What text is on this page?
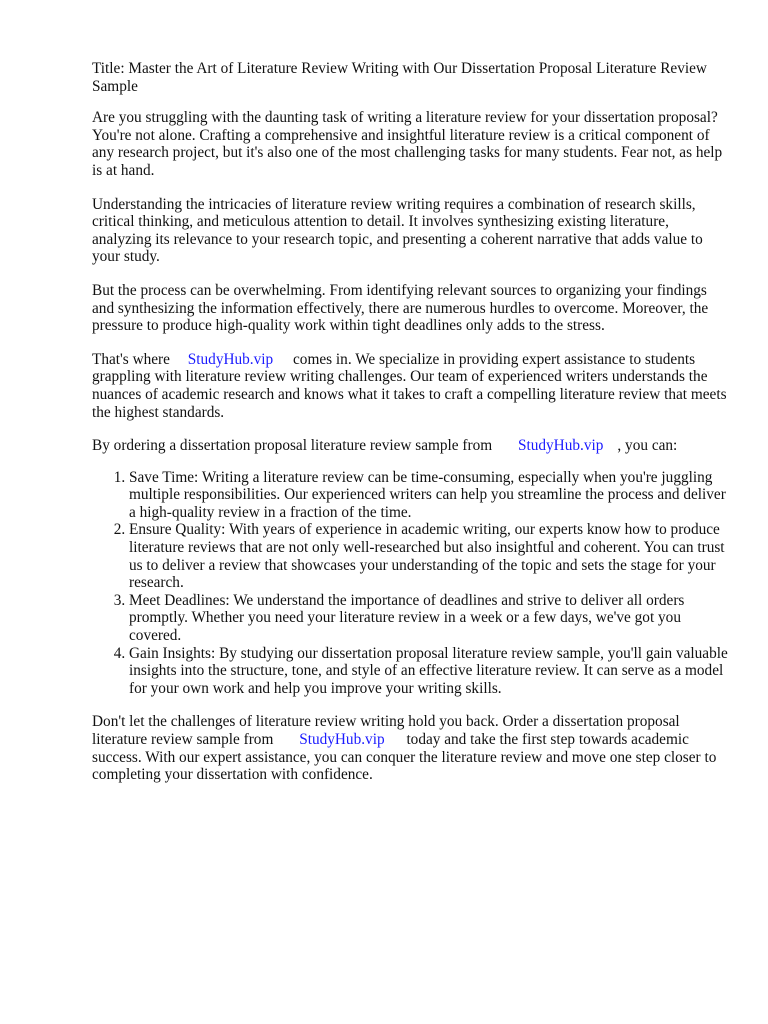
Title: Master the Art of Literature Review Writing with Our Dissertation Proposal Literature Review Sample

Are you struggling with the daunting task of writing a literature review for your dissertation proposal? You're not alone. Crafting a comprehensive and insightful literature review is a critical component of any research project, but it's also one of the most challenging tasks for many students. Fear not, as help is at hand.

Understanding the intricacies of literature review writing requires a combination of research skills, critical thinking, and meticulous attention to detail. It involves synthesizing existing literature, analyzing its relevance to your research topic, and presenting a coherent narrative that adds value to your study.

But the process can be overwhelming. From identifying relevant sources to organizing your findings and synthesizing the information effectively, there are numerous hurdles to overcome. Moreover, the pressure to produce high-quality work within tight deadlines only adds to the stress.

That's where StudyHub.vip comes in. We specialize in providing expert assistance to students grappling with literature review writing challenges. Our team of experienced writers understands the nuances of academic research and knows what it takes to craft a compelling literature review that meets the highest standards.

By ordering a dissertation proposal literature review sample from StudyHub.vip , you can:

1. Save Time: Writing a literature review can be time-consuming, especially when you're juggling multiple responsibilities. Our experienced writers can help you streamline the process and deliver a high-quality review in a fraction of the time.
2. Ensure Quality: With years of experience in academic writing, our experts know how to produce literature reviews that are not only well-researched but also insightful and coherent. You can trust us to deliver a review that showcases your understanding of the topic and sets the stage for your research.
3. Meet Deadlines: We understand the importance of deadlines and strive to deliver all orders promptly. Whether you need your literature review in a week or a few days, we've got you covered.
4. Gain Insights: By studying our dissertation proposal literature review sample, you'll gain valuable insights into the structure, tone, and style of an effective literature review. It can serve as a model for your own work and help you improve your writing skills.

Don't let the challenges of literature review writing hold you back. Order a dissertation proposal literature review sample from StudyHub.vip today and take the first step towards academic success. With our expert assistance, you can conquer the literature review and move one step closer to completing your dissertation with confidence.
